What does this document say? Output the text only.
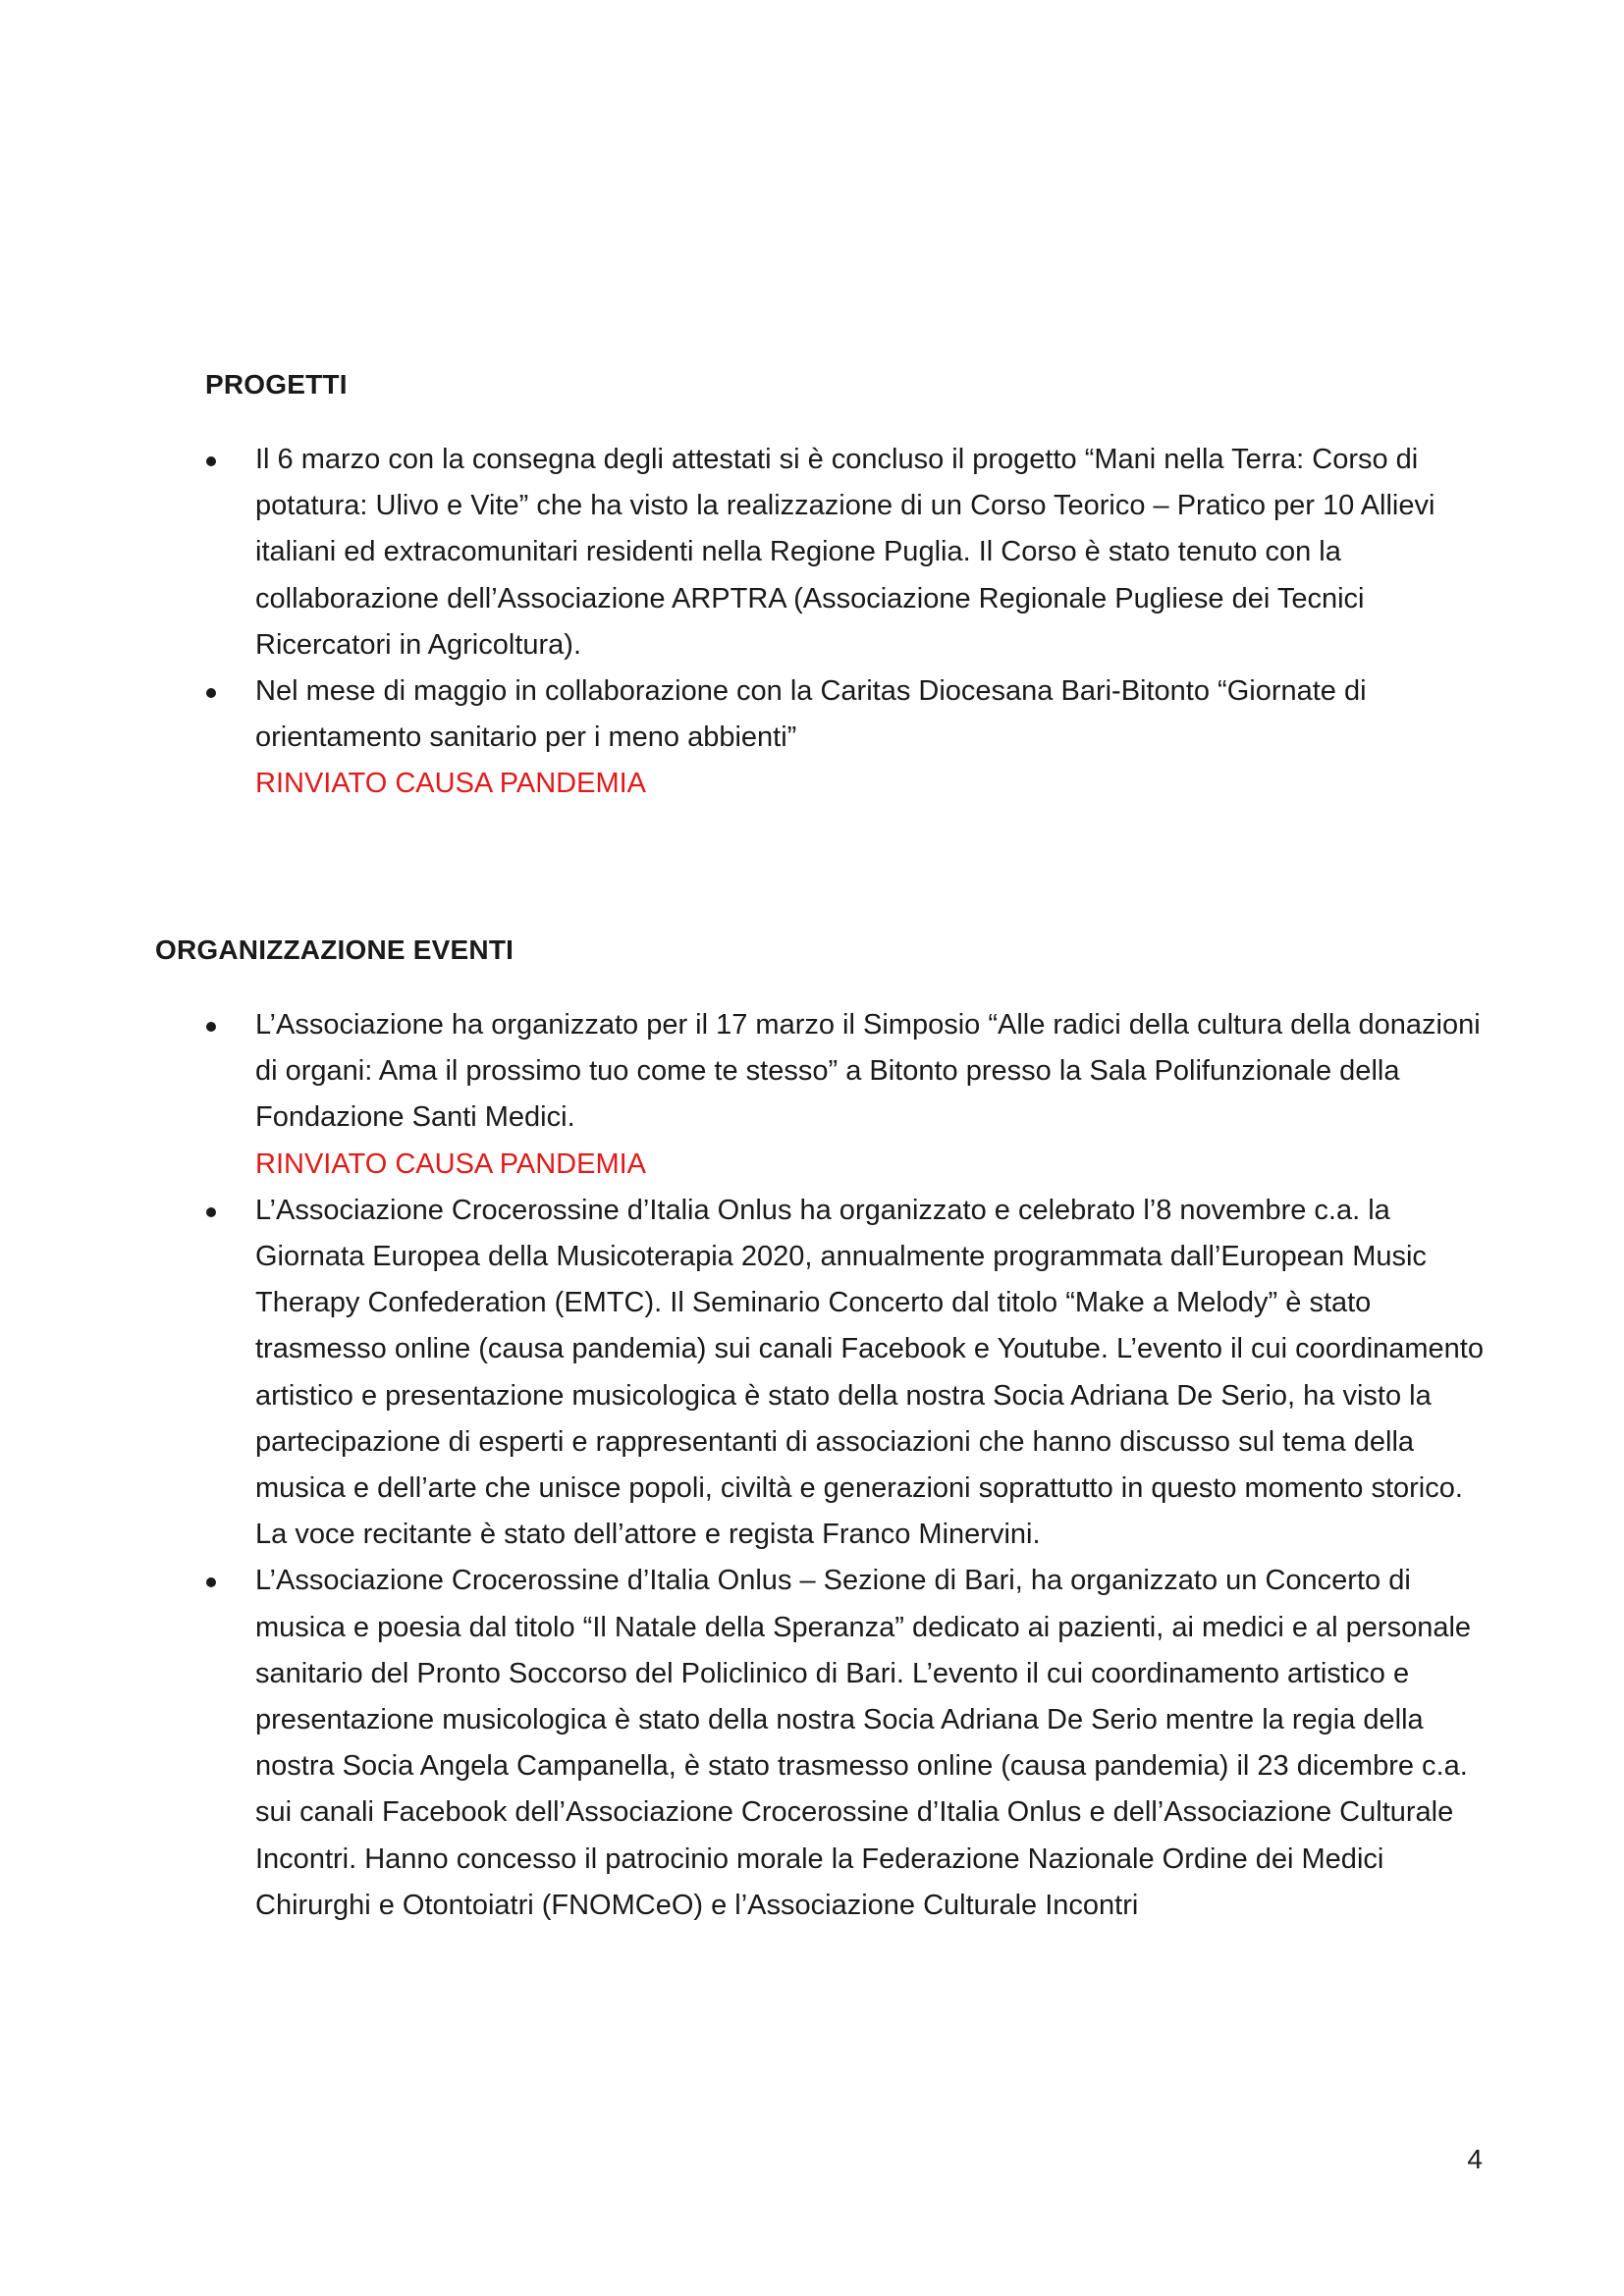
PROGETTI
Il 6 marzo con la consegna degli attestati si è concluso il progetto “Mani nella Terra: Corso di potatura: Ulivo e Vite” che ha visto la realizzazione di un Corso Teorico – Pratico per 10 Allievi italiani ed extracomunitari residenti nella Regione Puglia. Il Corso è stato tenuto con la collaborazione dell’Associazione ARPTRA (Associazione Regionale Pugliese dei Tecnici Ricercatori in Agricoltura).
Nel mese di maggio in collaborazione con la Caritas Diocesana Bari-Bitonto “Giornate di orientamento sanitario per i meno abbienti”
RINVIATO CAUSA PANDEMIA
ORGANIZZAZIONE EVENTI
L’Associazione ha organizzato per il 17 marzo il Simposio “Alle radici della cultura della donazioni di organi: Ama il prossimo tuo come te stesso” a Bitonto presso la Sala Polifunzionale della Fondazione Santi Medici.
RINVIATO CAUSA PANDEMIA
L’Associazione Crocerossine d’Italia Onlus ha organizzato e celebrato l’8 novembre c.a. la Giornata Europea della Musicoterapia 2020, annualmente programmata dall’European Music Therapy Confederation (EMTC). Il Seminario Concerto dal titolo “Make a Melody” è stato trasmesso online (causa pandemia) sui canali Facebook e Youtube. L’evento il cui coordinamento artistico e presentazione musicologica è stato della nostra Socia Adriana De Serio, ha visto la partecipazione di esperti e rappresentanti di associazioni che hanno discusso sul tema della musica e dell’arte che unisce popoli, civiltà e generazioni soprattutto in questo momento storico. La voce recitante è stato dell’attore e regista Franco Minervini.
L’Associazione Crocerossine d’Italia Onlus – Sezione di Bari, ha organizzato un Concerto di musica e poesia dal titolo “Il Natale della Speranza” dedicato ai pazienti, ai medici e al personale sanitario del Pronto Soccorso del Policlinico di Bari. L’evento il cui coordinamento artistico e presentazione musicologica è stato della nostra Socia Adriana De Serio mentre la regia della nostra Socia Angela Campanella, è stato trasmesso online (causa pandemia) il 23 dicembre c.a. sui canali Facebook dell’Associazione Crocerossine d’Italia Onlus e dell’Associazione Culturale Incontri. Hanno concesso il patrocinio morale la Federazione Nazionale Ordine dei Medici Chirurghi e Otontoiatri (FNOMCeO) e l’Associazione Culturale Incontri
4
